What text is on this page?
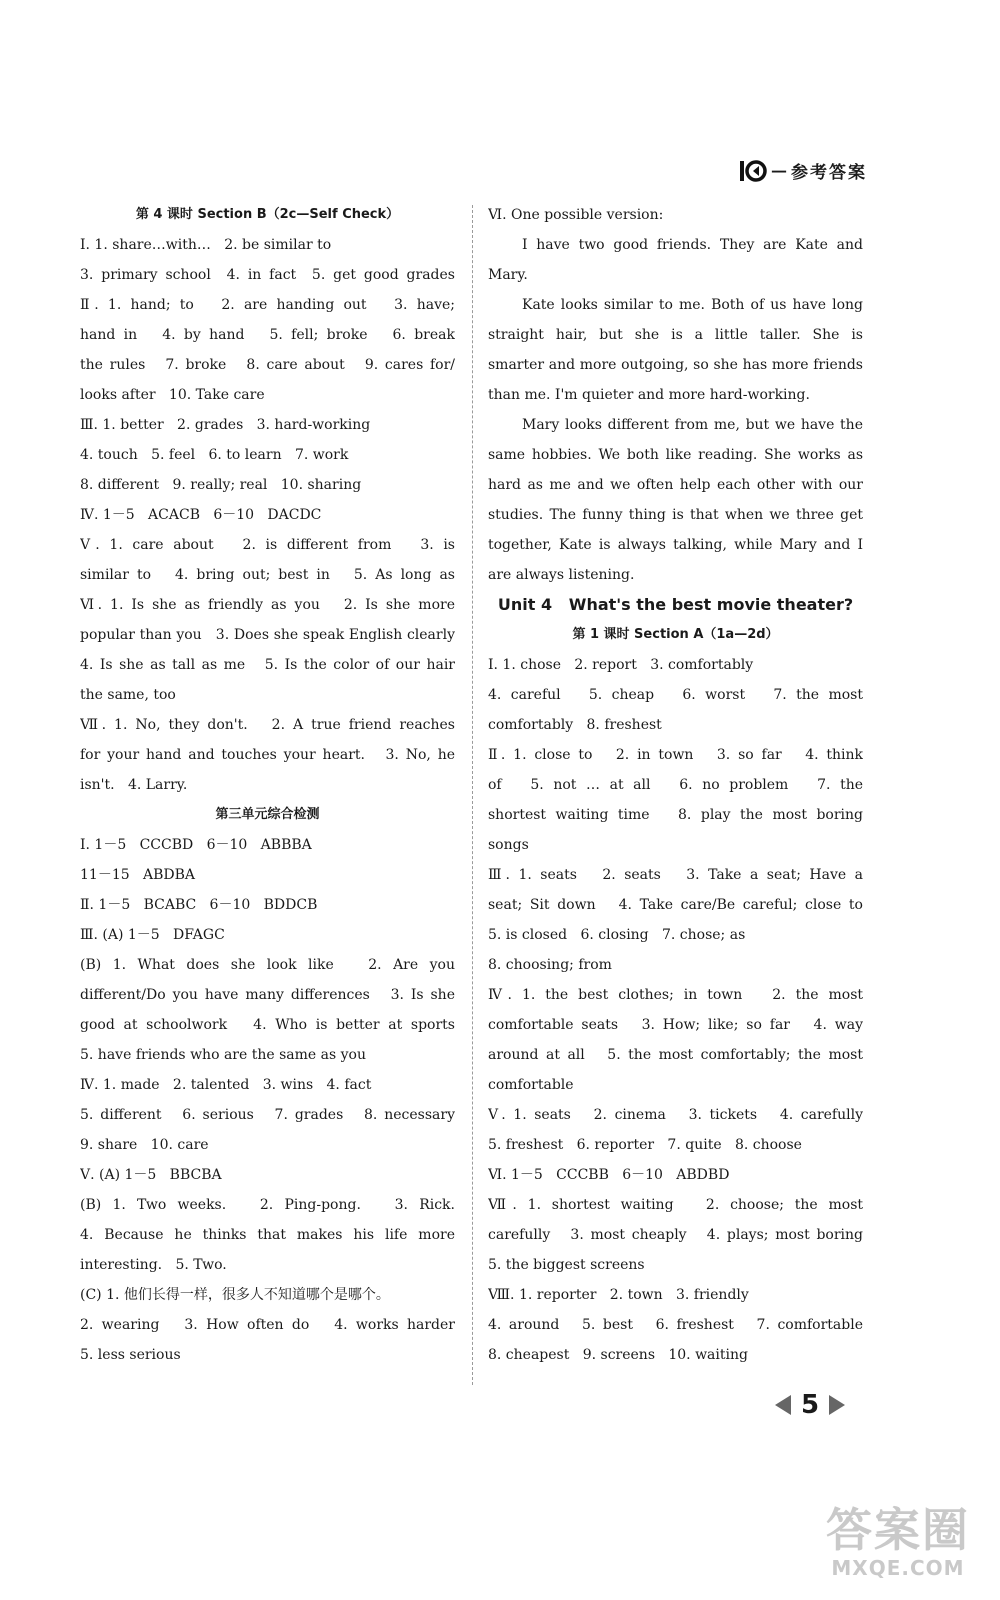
— 参考答案
第 4 课时 Section B（2c—Self Check）
Ⅰ. 1. share…with…   2. be similar to
3. primary school  4. in fact  5. get good grades
Ⅱ. 1. hand; to   2. are handing out   3. have;
hand in   4. by hand   5. fell; broke   6. break
the rules   7. broke   8. care about   9. cares for/
looks after   10. Take care
Ⅲ. 1. better   2. grades   3. hard-working
4. touch   5. feel   6. to learn   7. work
8. different   9. really; real   10. sharing
Ⅳ. 1－5   ACACB   6－10   DACDC
Ⅴ. 1. care about   2. is different from   3. is
similar to   4. bring out; best in   5. As long as
Ⅵ. 1. Is she as friendly as you   2. Is she more
popular than you   3. Does she speak English clearly
4. Is she as tall as me   5. Is the color of our hair
the same, too
Ⅶ. 1. No, they don't.   2. A true friend reaches
for your hand and touches your heart.   3. No, he
isn't.   4. Larry.
第三单元综合检测
Ⅰ. 1－5   CCCBD   6－10   ABBBA
11－15   ABDBA
Ⅱ. 1－5   BCABC   6－10   BDDCB
Ⅲ. (A) 1－5   DFAGC
(B) 1. What does she look like   2. Are you
different/Do you have many differences   3. Is she
good at schoolwork   4. Who is better at sports
5. have friends who are the same as you
Ⅳ. 1. made   2. talented   3. wins   4. fact
5. different   6. serious   7. grades   8. necessary
9. share   10. care
Ⅴ. (A) 1－5   BBCBA
(B) 1. Two weeks.   2. Ping-pong.   3. Rick.
4. Because he thinks that makes his life more
interesting.   5. Two.
(C) 1. 他们长得一样，很多人不知道哪个是哪个。
2. wearing   3. How often do   4. works harder
5. less serious
Ⅵ. One possible version:
I have two good friends. They are Kate and
Mary.
Kate looks similar to me. Both of us have long
straight hair, but she is a little taller. She is
smarter and more outgoing, so she has more friends
than me. I'm quieter and more hard-working.
Mary looks different from me, but we have the
same hobbies. We both like reading. She works as
hard as me and we often help each other with our
studies. The funny thing is that when we three get
together, Kate is always talking, while Mary and I
are always listening.
Unit 4   What's the best movie theater?
第 1 课时 Section A（1a—2d）
Ⅰ. 1. chose   2. report   3. comfortably
4. careful   5. cheap   6. worst   7. the most
comfortably   8. freshest
Ⅱ. 1. close to   2. in town   3. so far   4. think
of   5. not … at all   6. no problem   7. the
shortest waiting time   8. play the most boring
songs
Ⅲ. 1. seats   2. seats   3. Take a seat; Have a
seat; Sit down   4. Take care/Be careful; close to
5. is closed   6. closing   7. chose; as
8. choosing; from
Ⅳ. 1. the best clothes; in town   2. the most
comfortable seats   3. How; like; so far   4. way
around at all   5. the most comfortably; the most
comfortable
Ⅴ. 1. seats   2. cinema   3. tickets   4. carefully
5. freshest   6. reporter   7. quite   8. choose
Ⅵ. 1－5   CCCBB   6－10   ABDBD
Ⅶ. 1. shortest waiting   2. choose; the most
carefully   3. most cheaply   4. plays; most boring
5. the biggest screens
Ⅷ. 1. reporter   2. town   3. friendly
4. around   5. best   6. freshest   7. comfortable
8. cheapest   9. screens   10. waiting
5
答案圈
MXQE.COM
